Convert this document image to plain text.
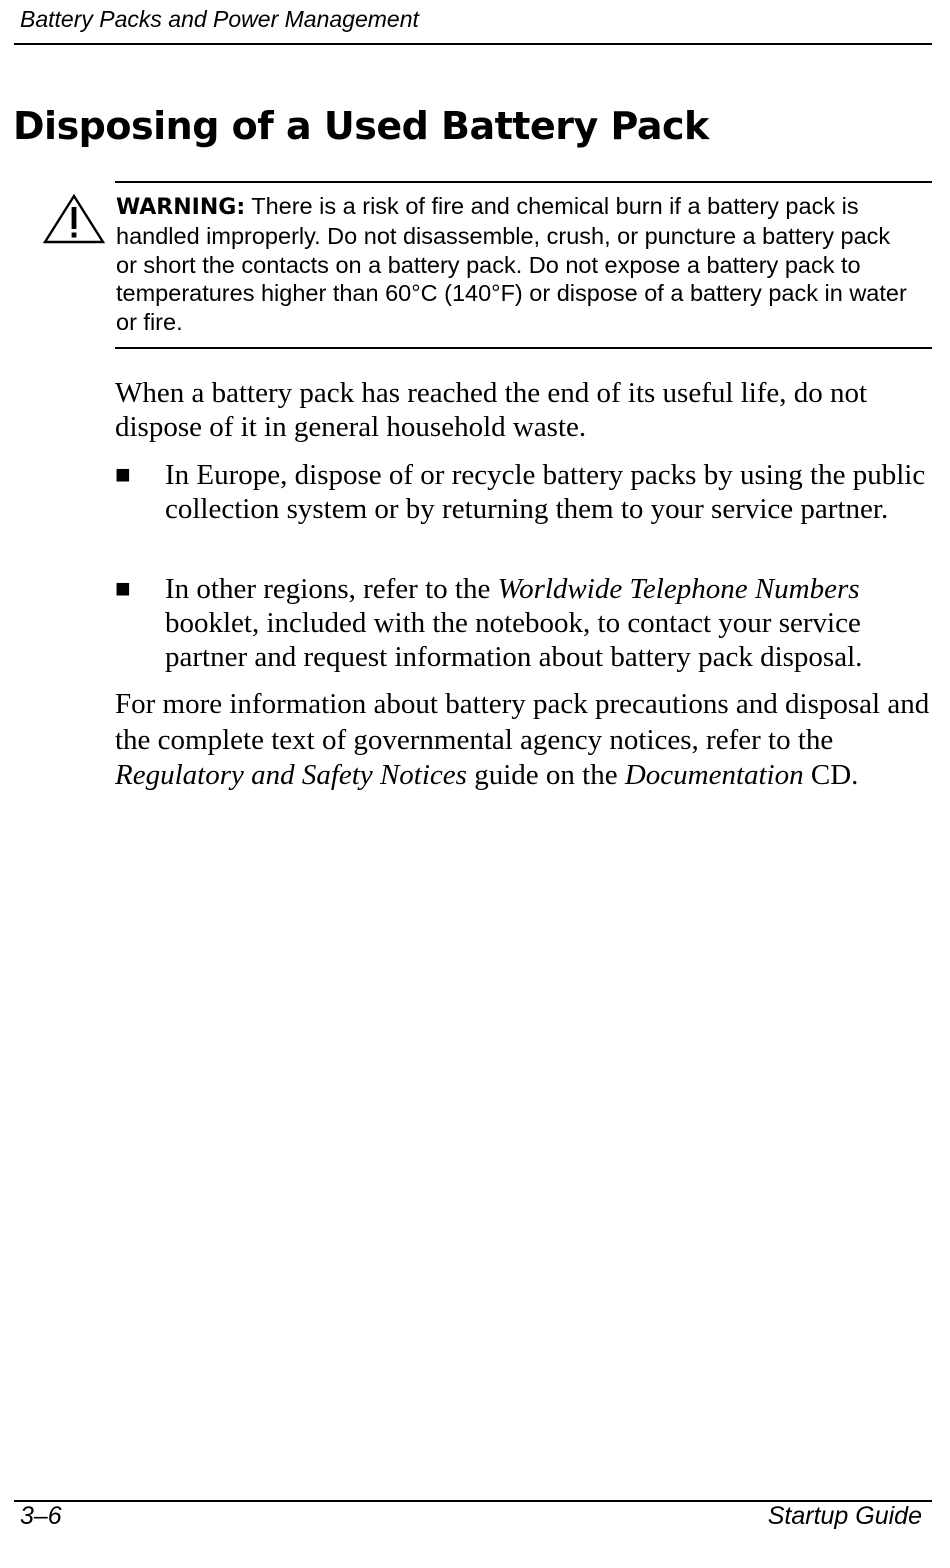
Battery Packs and Power Management
Disposing of a Used Battery Pack
WARNING: There is a risk of fire and chemical burn if a battery pack is handled improperly. Do not disassemble, crush, or puncture a battery pack or short the contacts on a battery pack. Do not expose a battery pack to temperatures higher than 60°C (140°F) or dispose of a battery pack in water or fire.

When a battery pack has reached the end of its useful life, do not dispose of it in general household waste.

■ In Europe, dispose of or recycle battery packs by using the public collection system or by returning them to your service partner.
■ In other regions, refer to the Worldwide Telephone Numbers booklet, included with the notebook, to contact your service partner and request information about battery pack disposal.

For more information about battery pack precautions and disposal and the complete text of governmental agency notices, refer to the Regulatory and Safety Notices guide on the Documentation CD.

3–6	Startup Guide
